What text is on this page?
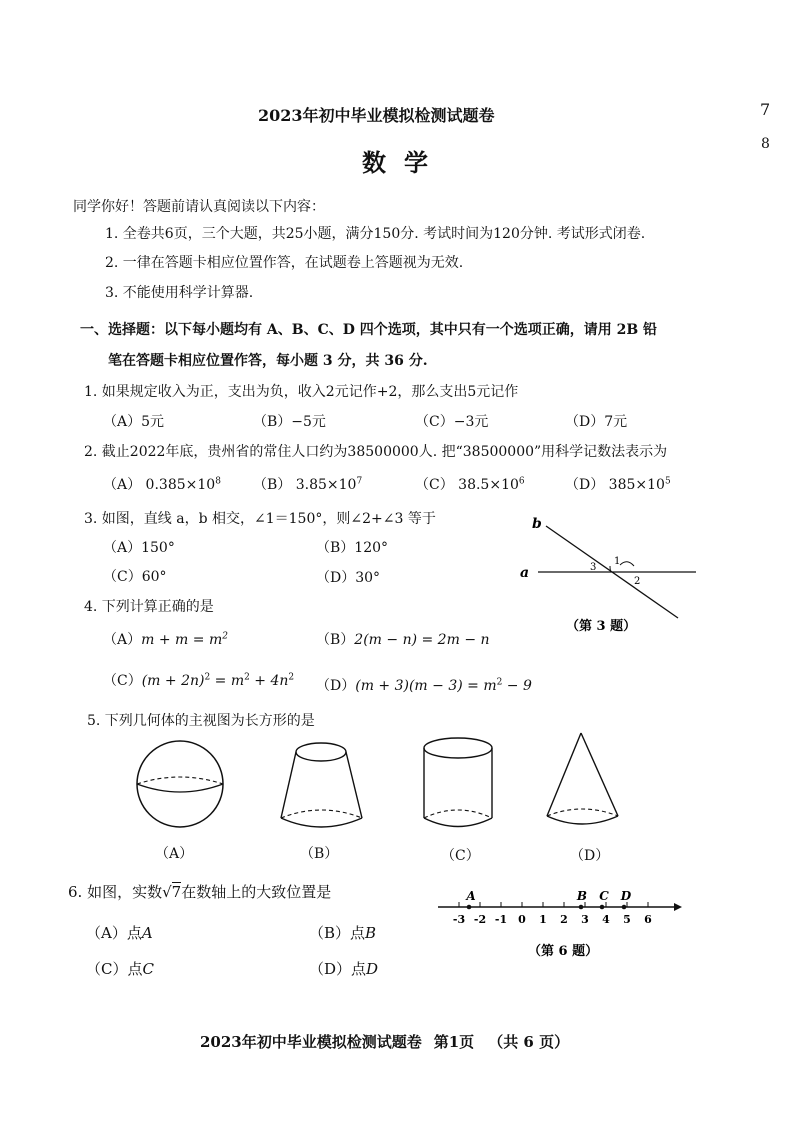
2023年初中毕业模拟检测试题卷
数学
7
8
同学你好！答题前请认真阅读以下内容：
1. 全卷共6页，三个大题，共25小题，满分150分. 考试时间为120分钟. 考试形式闭卷.
2. 一律在答题卡相应位置作答，在试题卷上答题视为无效.
3. 不能使用科学计算器.
一、选择题：以下每小题均有 A、B、C、D 四个选项，其中只有一个选项正确，请用 2B 铅
笔在答题卡相应位置作答，每小题 3 分，共 36 分.
1. 如果规定收入为正，支出为负，收入2元记作+2，那么支出5元记作
（A）5元	（B）−5元	（C）−3元	（D）7元
2. 截止2022年底，贵州省的常住人口约为38500000人. 把“38500000”用科学记数法表示为
（A） $0.385\times 10^8$ （B） $3.85\times 10^7$	（C） $38.5\times 10^6$	（D） $385\times 10^5$
3. 如图，直线 a，b 相交，∠1＝150°，则∠2+∠3 等于
（A）150°	（B）120°
（C）60°	（D）30°	a
b
1
2
3
（第 3 题）
4. 下列计算正确的是
$(A)m + m = m^2$	（B）2(m − n) = 2m − n
$(C)(m + 2n)^2 = m^2 + 4n^2$
$(D)(m + 3)(m - 3) = m^2 - 9$
5. 下列几何体的主视图为长方形的是
（A）	（B）	（C）	（D）
6. 如图，实数√7在数轴上的大致位置是
（A）点A	（B）点B
（C）点C	（D）点D
-3 -2 -1 0 1 2 3 4 5 6
A	B C D
（第 6 题）
2023年初中毕业模拟检测试题卷 第1页 （共 6 页）
